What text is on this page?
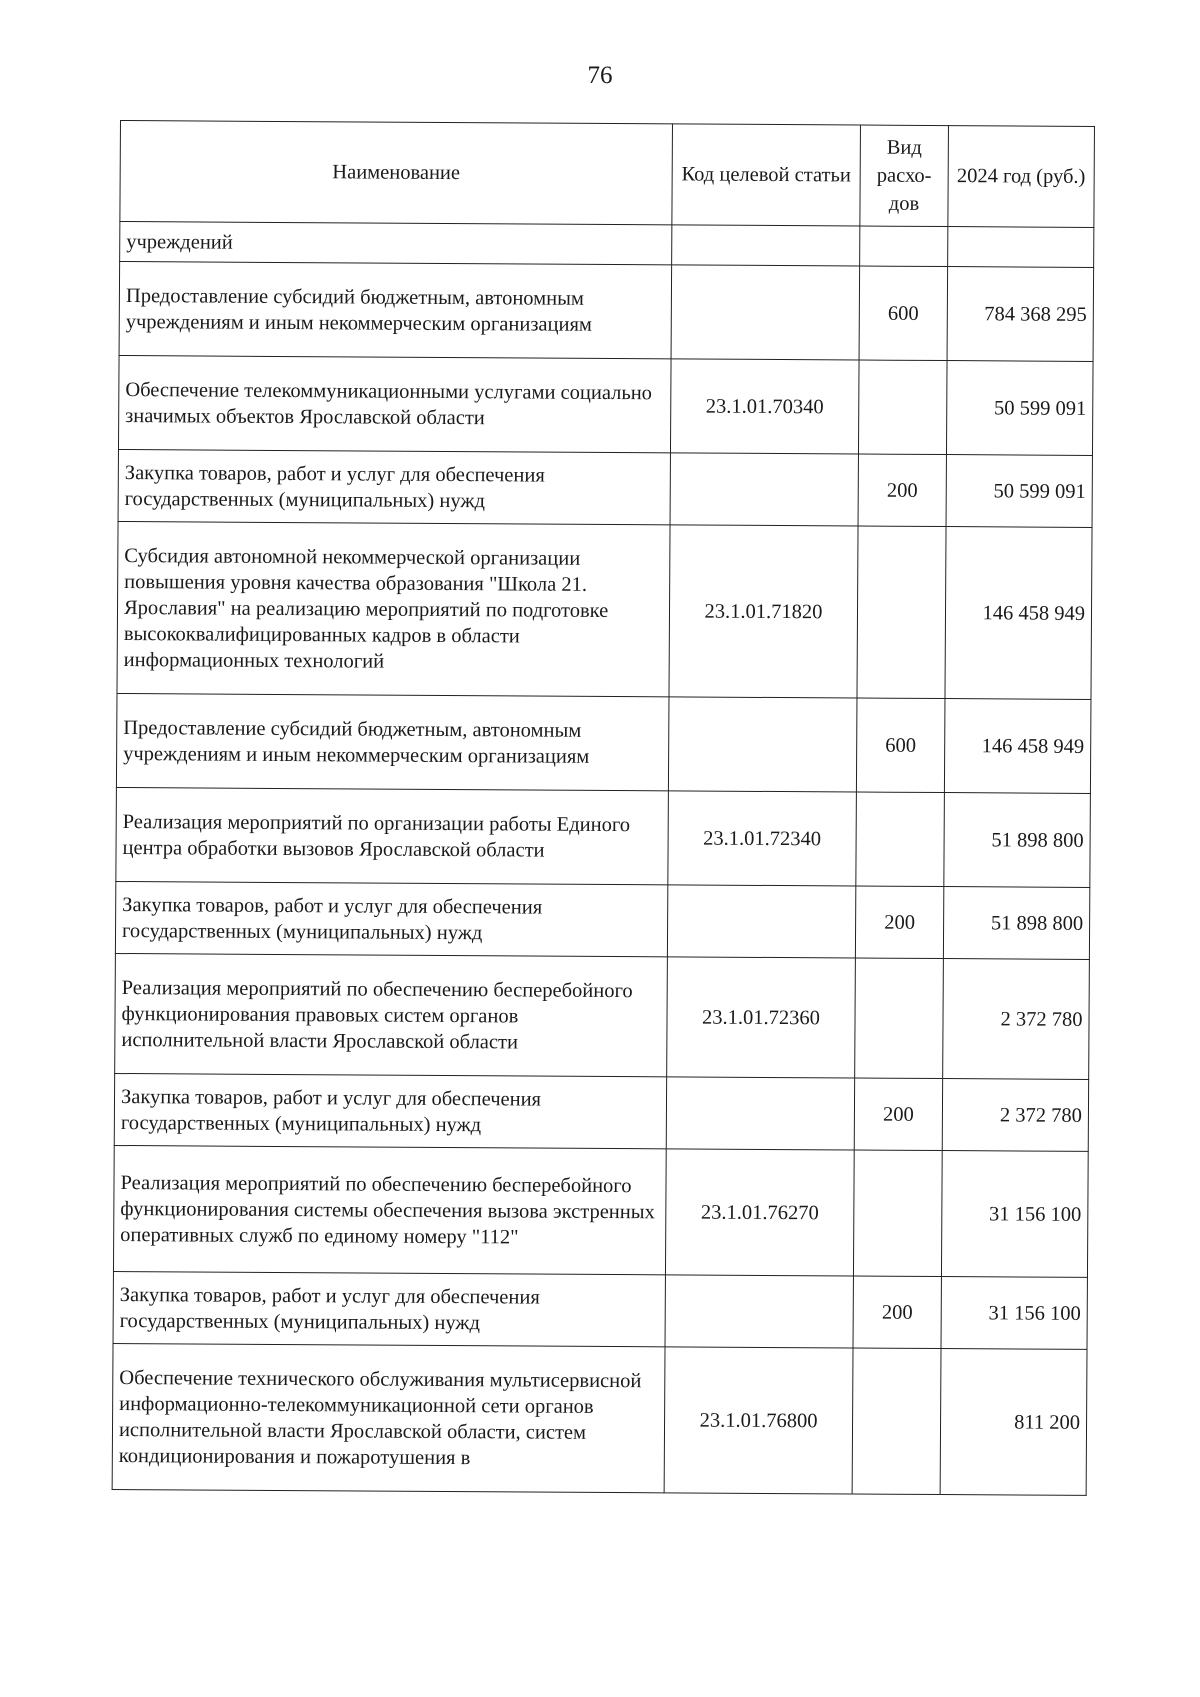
76
Наименование	Код целевой статьи	Вид расхо-дов	2024 год (руб.)
учреждений			
Предоставление субсидий бюджетным, автономным учреждениям и иным некоммерческим организациям		600	784 368 295
Обеспечение телекоммуникационными услугами социально значимых объектов Ярославской области	23.1.01.70340		50 599 091
Закупка товаров, работ и услуг для обеспечения государственных (муниципальных) нужд		200	50 599 091
Субсидия автономной некоммерческой организации повышения уровня качества образования "Школа 21. Ярославия" на реализацию мероприятий по подготовке высококвалифицированных кадров в области информационных технологий	23.1.01.71820		146 458 949
Предоставление субсидий бюджетным, автономным учреждениям и иным некоммерческим организациям		600	146 458 949
Реализация мероприятий по организации работы Единого центра обработки вызовов Ярославской области	23.1.01.72340		51 898 800
Закупка товаров, работ и услуг для обеспечения государственных (муниципальных) нужд		200	51 898 800
Реализация мероприятий по обеспечению бесперебойного функционирования правовых систем органов исполнительной власти Ярославской области	23.1.01.72360		2 372 780
Закупка товаров, работ и услуг для обеспечения государственных (муниципальных) нужд		200	2 372 780
Реализация мероприятий по обеспечению бесперебойного функционирования системы обеспечения вызова экстренных оперативных служб по единому номеру "112"	23.1.01.76270		31 156 100
Закупка товаров, работ и услуг для обеспечения государственных (муниципальных) нужд		200	31 156 100
Обеспечение технического обслуживания мультисервисной информационно-телекоммуникационной сети органов исполнительной власти Ярославской области, систем кондиционирования и пожаротушения в	23.1.01.76800		811 200
